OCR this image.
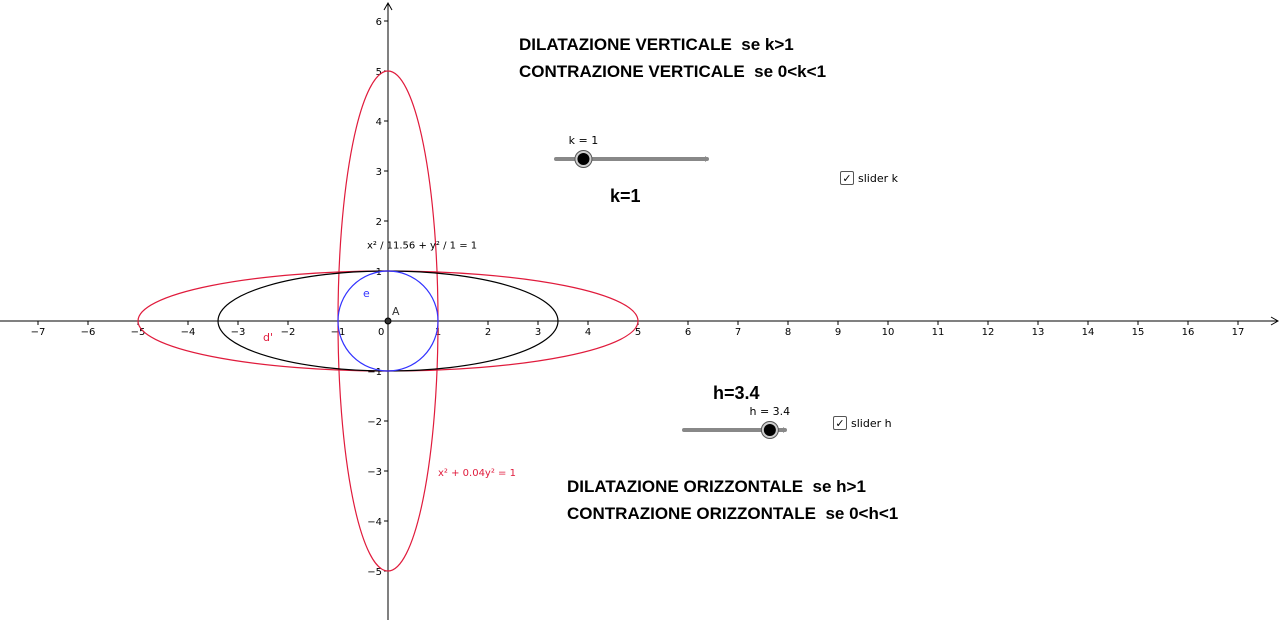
−7	−6	−5	−4	−3	−2	−1	0	1	2	3	4	5	6	7	8	9	10	11	12	13	14	15	16	17
−5
−4
−3
−2
−1
1
2
3
4
5
6
A
e
d'
x² / 11.56 + y² / 1 = 1
x² + 0.04y² = 1
k = 1
h = 3.4
DILATAZIONE VERTICALE  se k>1
CONTRAZIONE VERTICALE  se 0<k<1
DILATAZIONE ORIZZONTALE  se h>1
CONTRAZIONE ORIZZONTALE  se 0<h<1
k=1
h=3.4
✓ slider k
✓ slider h
